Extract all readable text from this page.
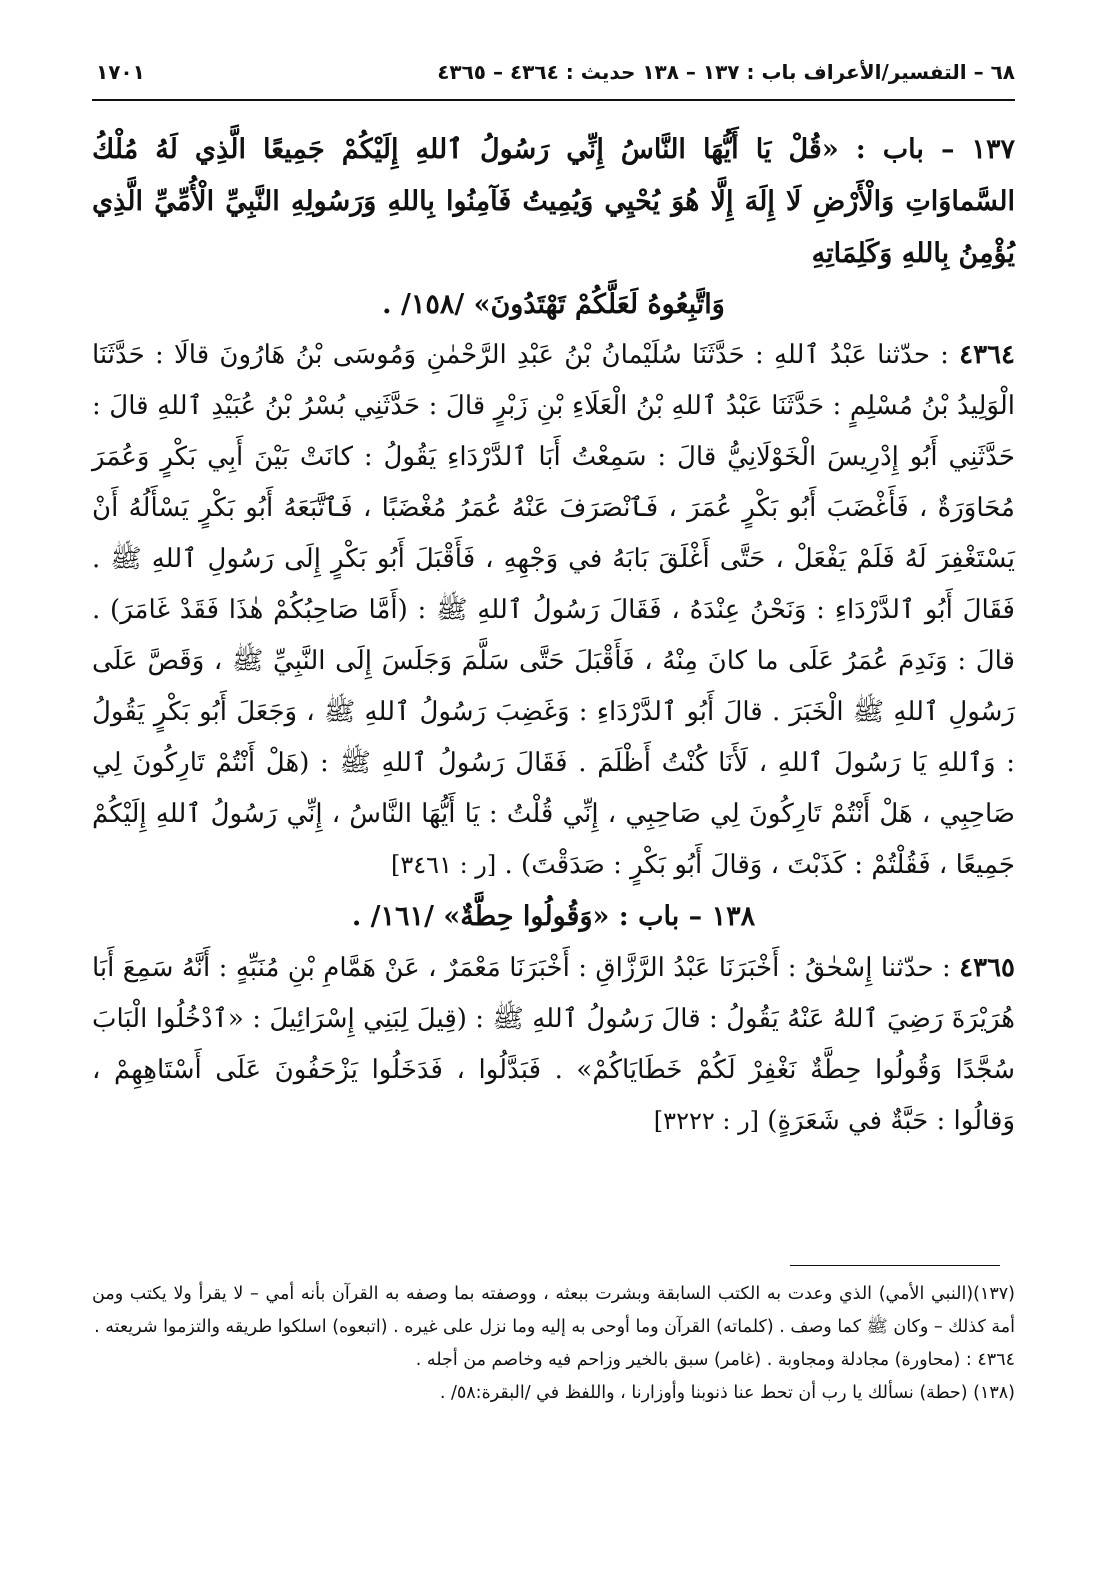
٦٨ – التفسير/الأعراف باب : ١٣٧ – ١٣٨ حديث : ٤٣٦٤ – ٤٣٦٥
١٧٠١

١٣٧ – باب : «قُلْ يَا أَيُّهَا النَّاسُ إِنِّي رَسُولُ ٱللهِ إِلَيْكُمْ جَمِيعًا الَّذِي لَهُ مُلْكُ السَّماوَاتِ وَالْأَرْضِ لَا إِلَهَ إِلَّا هُوَ يُحْيِي وَيُمِيتُ فَآمِنُوا بِاللهِ وَرَسُولِهِ النَّبِيِّ الْأُمِّيِّ الَّذِي يُؤْمِنُ بِاللهِ وَكَلِمَاتِهِ
وَاتَّبِعُوهُ لَعَلَّكُمْ تَهْتَدُونَ» /١٥٨/ .

٤٣٦٤ : حدّثنا عَبْدُ ٱللهِ : حَدَّثَنَا سُلَيْمانُ بْنُ عَبْدِ الرَّحْمٰنِ وَمُوسَى بْنُ هَارُونَ قالَا : حَدَّثَنَا الْوَلِيدُ بْنُ مُسْلِمٍ : حَدَّثَنَا عَبْدُ ٱللهِ بْنُ الْعَلَاءِ بْنِ زَبْرٍ قالَ : حَدَّثَنِي بُسْرُ بْنُ عُبَيْدِ ٱللهِ قالَ : حَدَّثَنِي أَبُو إِدْرِيسَ الْخَوْلَانِيُّ قالَ : سَمِعْتُ أَبَا ٱلدَّرْدَاءِ يَقُولُ : كانَتْ بَيْنَ أَبِي بَكْرٍ وَعُمَرَ مُحَاوَرَةٌ ، فَأَغْضَبَ أَبُو بَكْرٍ عُمَرَ ، فَٱنْصَرَفَ عَنْهُ عُمَرُ مُغْضَبًا ، فَٱتَّبَعَهُ أَبُو بَكْرٍ يَسْأَلُهُ أَنْ يَسْتَغْفِرَ لَهُ فَلَمْ يَفْعَلْ ، حَتَّى أَغْلَقَ بَابَهُ في وَجْهِهِ ، فَأَقْبَلَ أَبُو بَكْرٍ إِلَى رَسُولِ ٱللهِ ﷺ . فَقَالَ أَبُو ٱلدَّرْدَاءِ : وَنَحْنُ عِنْدَهُ ، فَقَالَ رَسُولُ ٱللهِ ﷺ : (أَمَّا صَاحِبُكُمْ هٰذَا فَقَدْ غَامَرَ) . قالَ : وَنَدِمَ عُمَرُ عَلَى ما كانَ مِنْهُ ، فَأَقْبَلَ حَتَّى سَلَّمَ وَجَلَسَ إِلَى النَّبِيِّ ﷺ ، وَقَصَّ عَلَى رَسُولِ ٱللهِ ﷺ الْخَبَرَ . قالَ أَبُو ٱلدَّرْدَاءِ : وَغَضِبَ رَسُولُ ٱللهِ ﷺ ، وَجَعَلَ أَبُو بَكْرٍ يَقُولُ : وَٱللهِ يَا رَسُولَ ٱللهِ ، لَأَنَا كُنْتُ أَظْلَمَ . فَقَالَ رَسُولُ ٱللهِ ﷺ : (هَلْ أَنْتُمْ تَارِكُونَ لِي صَاحِبِي ، هَلْ أَنْتُمْ تَارِكُونَ لِي صَاحِبِي ، إِنِّي قُلْتُ : يَا أَيُّهَا النَّاسُ ، إِنِّي رَسُولُ ٱللهِ إِلَيْكُمْ جَمِيعًا ، فَقُلْتُمْ : كَذَبْتَ ، وَقالَ أَبُو بَكْرٍ : صَدَقْتَ) . [ر : ٣٤٦١]

١٣٨ – باب : «وَقُولُوا حِطَّةٌ» /١٦١/ .

٤٣٦٥ : حدّثنا إِسْحٰقُ : أَخْبَرَنَا عَبْدُ الرَّزَّاقِ : أَخْبَرَنَا مَعْمَرٌ ، عَنْ هَمَّامِ بْنِ مُنَبِّهٍ : أَنَّهُ سَمِعَ أَبَا هُرَيْرَةَ رَضِيَ ٱللهُ عَنْهُ يَقُولُ : قالَ رَسُولُ ٱللهِ ﷺ : (قِيلَ لِبَنِي إِسْرَائِيلَ : «ٱدْخُلُوا الْبَابَ سُجَّدًا وَقُولُوا حِطَّةٌ نَغْفِرْ لَكُمْ خَطَايَاكُمْ» . فَبَدَّلُوا ، فَدَخَلُوا يَزْحَفُونَ عَلَى أَسْتَاهِهِمْ ، وَقالُوا : حَبَّةٌ في شَعَرَةٍ) [ر : ٣٢٢٢]

(١٣٧)(النبي الأمي) الذي وعدت به الكتب السابقة وبشرت ببعثه ، ووصفته بما وصفه به القرآن بأنه أمي – لا يقرأ ولا يكتب ومن أمة كذلك – وكان ﷺ كما وصف . (كلماته) القرآن وما أوحى به إليه وما نزل على غيره . (اتبعوه) اسلكوا طريقه والتزموا شريعته .

٤٣٦٤ : (محاورة) مجادلة ومجاوبة . (غامر) سبق بالخير وزاحم فيه وخاصم من أجله .

(١٣٨) (حطة) نسألك يا رب أن تحط عنا ذنوبنا وأوزارنا ، واللفظ في /البقرة:٥٨/ .
